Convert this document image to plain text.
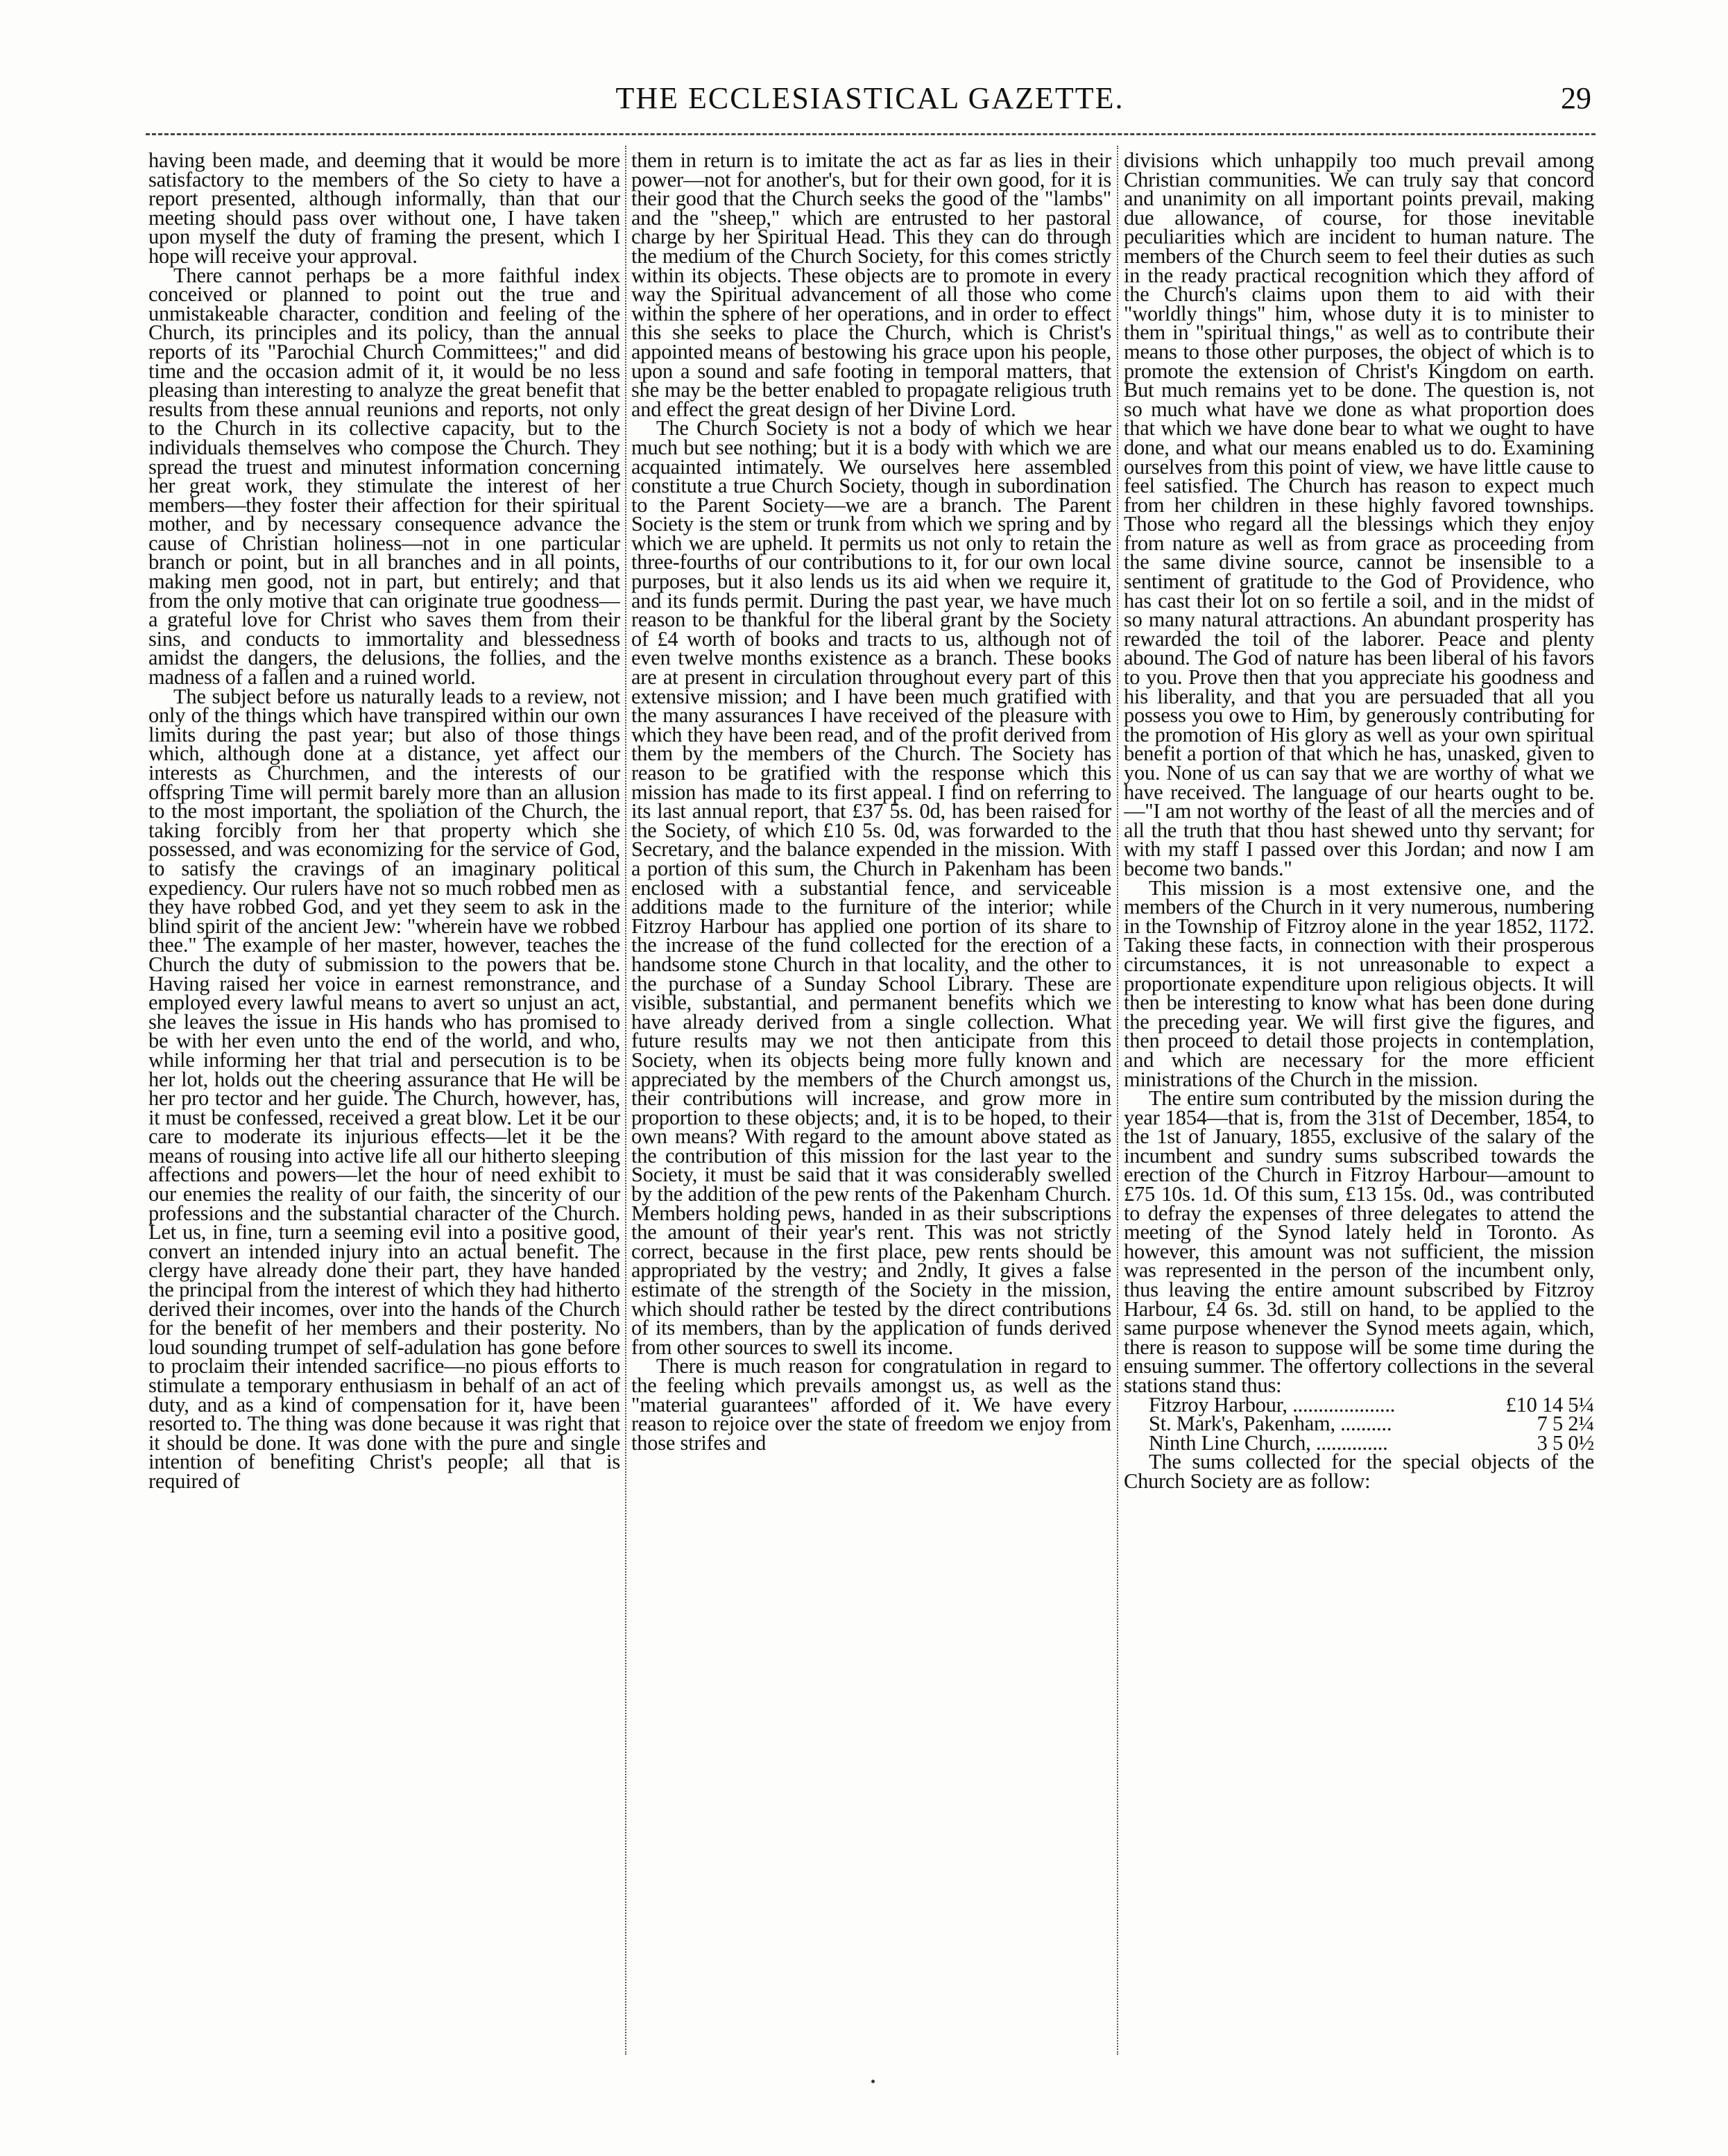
THE ECCLESIASTICAL GAZETTE.	29

having been made, and deeming that it would be more satisfactory to the members of the So ciety to have a report presented, although informally, than that our meeting should pass over without one, I have taken upon myself the duty of framing the present, which I hope will receive your approval.

There cannot perhaps be a more faithful index conceived or planned to point out the true and unmistakeable character, condition and feeling of the Church, its principles and its policy, than the annual reports of its "Parochial Church Committees;" and did time and the occasion admit of it, it would be no less pleasing than interesting to analyze the great benefit that results from these annual reunions and reports, not only to the Church in its collective capacity, but to the individuals themselves who compose the Church. They spread the truest and minutest information concerning her great work, they stimulate the interest of her members—they foster their affection for their spiritual mother, and by necessary consequence advance the cause of Christian holiness—not in one particular branch or point, but in all branches and in all points, making men good, not in part, but entirely; and that from the only motive that can originate true goodness—a grateful love for Christ who saves them from their sins, and conducts to immortality and blessedness amidst the dangers, the delusions, the follies, and the madness of a fallen and a ruined world.

The subject before us naturally leads to a review, not only of the things which have transpired within our own limits during the past year; but also of those things which, although done at a distance, yet affect our interests as Churchmen, and the interests of our offspring Time will permit barely more than an allusion to the most important, the spoliation of the Church, the taking forcibly from her that property which she possessed, and was economizing for the service of God, to satisfy the cravings of an imaginary political expediency. Our rulers have not so much robbed men as they have robbed God, and yet they seem to ask in the blind spirit of the ancient Jew: "wherein have we robbed thee." The example of her master, however, teaches the Church the duty of submission to the powers that be. Having raised her voice in earnest remonstrance, and employed every lawful means to avert so unjust an act, she leaves the issue in His hands who has promised to be with her even unto the end of the world, and who, while informing her that trial and persecution is to be her lot, holds out the cheering assurance that He will be her pro tector and her guide. The Church, however, has, it must be confessed, received a great blow. Let it be our care to moderate its injurious effects—let it be the means of rousing into active life all our hitherto sleeping affections and powers—let the hour of need exhibit to our enemies the reality of our faith, the sincerity of our professions and the substantial character of the Church. Let us, in fine, turn a seeming evil into a positive good, convert an intended injury into an actual benefit. The clergy have already done their part, they have handed the principal from the interest of which they had hitherto derived their incomes, over into the hands of the Church for the benefit of her members and their posterity. No loud sounding trumpet of self-adulation has gone before to proclaim their intended sacrifice—no pious efforts to stimulate a temporary enthusiasm in behalf of an act of duty, and as a kind of compensation for it, have been resorted to. The thing was done because it was right that it should be done. It was done with the pure and single intention of benefiting Christ's people; all that is required of

them in return is to imitate the act as far as lies in their power—not for another's, but for their own good, for it is their good that the Church seeks the good of the "lambs" and the "sheep," which are entrusted to her pastoral charge by her Spiritual Head. This they can do through the medium of the Church Society, for this comes strictly within its objects. These objects are to promote in every way the Spiritual advancement of all those who come within the sphere of her operations, and in order to effect this she seeks to place the Church, which is Christ's appointed means of bestowing his grace upon his people, upon a sound and safe footing in temporal matters, that she may be the better enabled to propagate religious truth and effect the great design of her Divine Lord.

The Church Society is not a body of which we hear much but see nothing; but it is a body with which we are acquainted intimately. We ourselves here assembled constitute a true Church Society, though in subordination to the Parent Society—we are a branch. The Parent Society is the stem or trunk from which we spring and by which we are upheld. It permits us not only to retain the three-fourths of our contributions to it, for our own local purposes, but it also lends us its aid when we require it, and its funds permit. During the past year, we have much reason to be thankful for the liberal grant by the Society of £4 worth of books and tracts to us, although not of even twelve months existence as a branch. These books are at present in circulation throughout every part of this extensive mission; and I have been much gratified with the many assurances I have received of the pleasure with which they have been read, and of the profit derived from them by the members of the Church. The Society has reason to be gratified with the response which this mission has made to its first appeal. I find on referring to its last annual report, that £37 5s. 0d, has been raised for the Society, of which £10 5s. 0d, was forwarded to the Secretary, and the balance expended in the mission. With a portion of this sum, the Church in Pakenham has been enclosed with a substantial fence, and serviceable additions made to the furniture of the interior; while Fitzroy Harbour has applied one portion of its share to the increase of the fund collected for the erection of a handsome stone Church in that locality, and the other to the purchase of a Sunday School Library. These are visible, substantial, and permanent benefits which we have already derived from a single collection. What future results may we not then anticipate from this Society, when its objects being more fully known and appreciated by the members of the Church amongst us, their contributions will increase, and grow more in proportion to these objects; and, it is to be hoped, to their own means? With regard to the amount above stated as the contribution of this mission for the last year to the Society, it must be said that it was considerably swelled by the addition of the pew rents of the Pakenham Church. Members holding pews, handed in as their subscriptions the amount of their year's rent. This was not strictly correct, because in the first place, pew rents should be appropriated by the vestry; and 2ndly, It gives a false estimate of the strength of the Society in the mission, which should rather be tested by the direct contributions of its members, than by the application of funds derived from other sources to swell its income.

There is much reason for congratulation in regard to the feeling which prevails amongst us, as well as the "material guarantees" afforded of it. We have every reason to rejoice over the state of freedom we enjoy from those strifes and

divisions which unhappily too much prevail among Christian communities. We can truly say that concord and unanimity on all important points prevail, making due allowance, of course, for those inevitable peculiarities which are incident to human nature. The members of the Church seem to feel their duties as such in the ready practical recognition which they afford of the Church's claims upon them to aid with their "worldly things" him, whose duty it is to minister to them in "spiritual things," as well as to contribute their means to those other purposes, the object of which is to promote the extension of Christ's Kingdom on earth. But much remains yet to be done. The question is, not so much what have we done as what proportion does that which we have done bear to what we ought to have done, and what our means enabled us to do. Examining ourselves from this point of view, we have little cause to feel satisfied. The Church has reason to expect much from her children in these highly favored townships. Those who regard all the blessings which they enjoy from nature as well as from grace as proceeding from the same divine source, cannot be insensible to a sentiment of gratitude to the God of Providence, who has cast their lot on so fertile a soil, and in the midst of so many natural attractions. An abundant prosperity has rewarded the toil of the laborer. Peace and plenty abound. The God of nature has been liberal of his favors to you. Prove then that you appreciate his goodness and his liberality, and that you are persuaded that all you possess you owe to Him, by generously contributing for the promotion of His glory as well as your own spiritual benefit a portion of that which he has, unasked, given to you. None of us can say that we are worthy of what we have received. The language of our hearts ought to be.—"I am not worthy of the least of all the mercies and of all the truth that thou hast shewed unto thy servant; for with my staff I passed over this Jordan; and now I am become two bands."

This mission is a most extensive one, and the members of the Church in it very numerous, numbering in the Township of Fitzroy alone in the year 1852, 1172. Taking these facts, in connection with their prosperous circumstances, it is not unreasonable to expect a proportionate expenditure upon religious objects. It will then be interesting to know what has been done during the preceding year. We will first give the figures, and then proceed to detail those projects in contemplation, and which are necessary for the more efficient ministrations of the Church in the mission.

The entire sum contributed by the mission during the year 1854—that is, from the 31st of December, 1854, to the 1st of January, 1855, exclusive of the salary of the incumbent and sundry sums subscribed towards the erection of the Church in Fitzroy Harbour—amount to £75 10s. 1d. Of this sum, £13 15s. 0d., was contributed to defray the expenses of three delegates to attend the meeting of the Synod lately held in Toronto. As however, this amount was not sufficient, the mission was represented in the person of the incumbent only, thus leaving the entire amount subscribed by Fitzroy Harbour, £4 6s. 3d. still on hand, to be applied to the same purpose whenever the Synod meets again, which, there is reason to suppose will be some time during the ensuing summer. The offertory collections in the several stations stand thus:

Fitzroy Harbour, ....................	£10 14 5¼
St. Mark's, Pakenham, ..........	7 5 2¼
Ninth Line Church, ..............	3 5 0½

The sums collected for the special objects of the Church Society are as follow:
